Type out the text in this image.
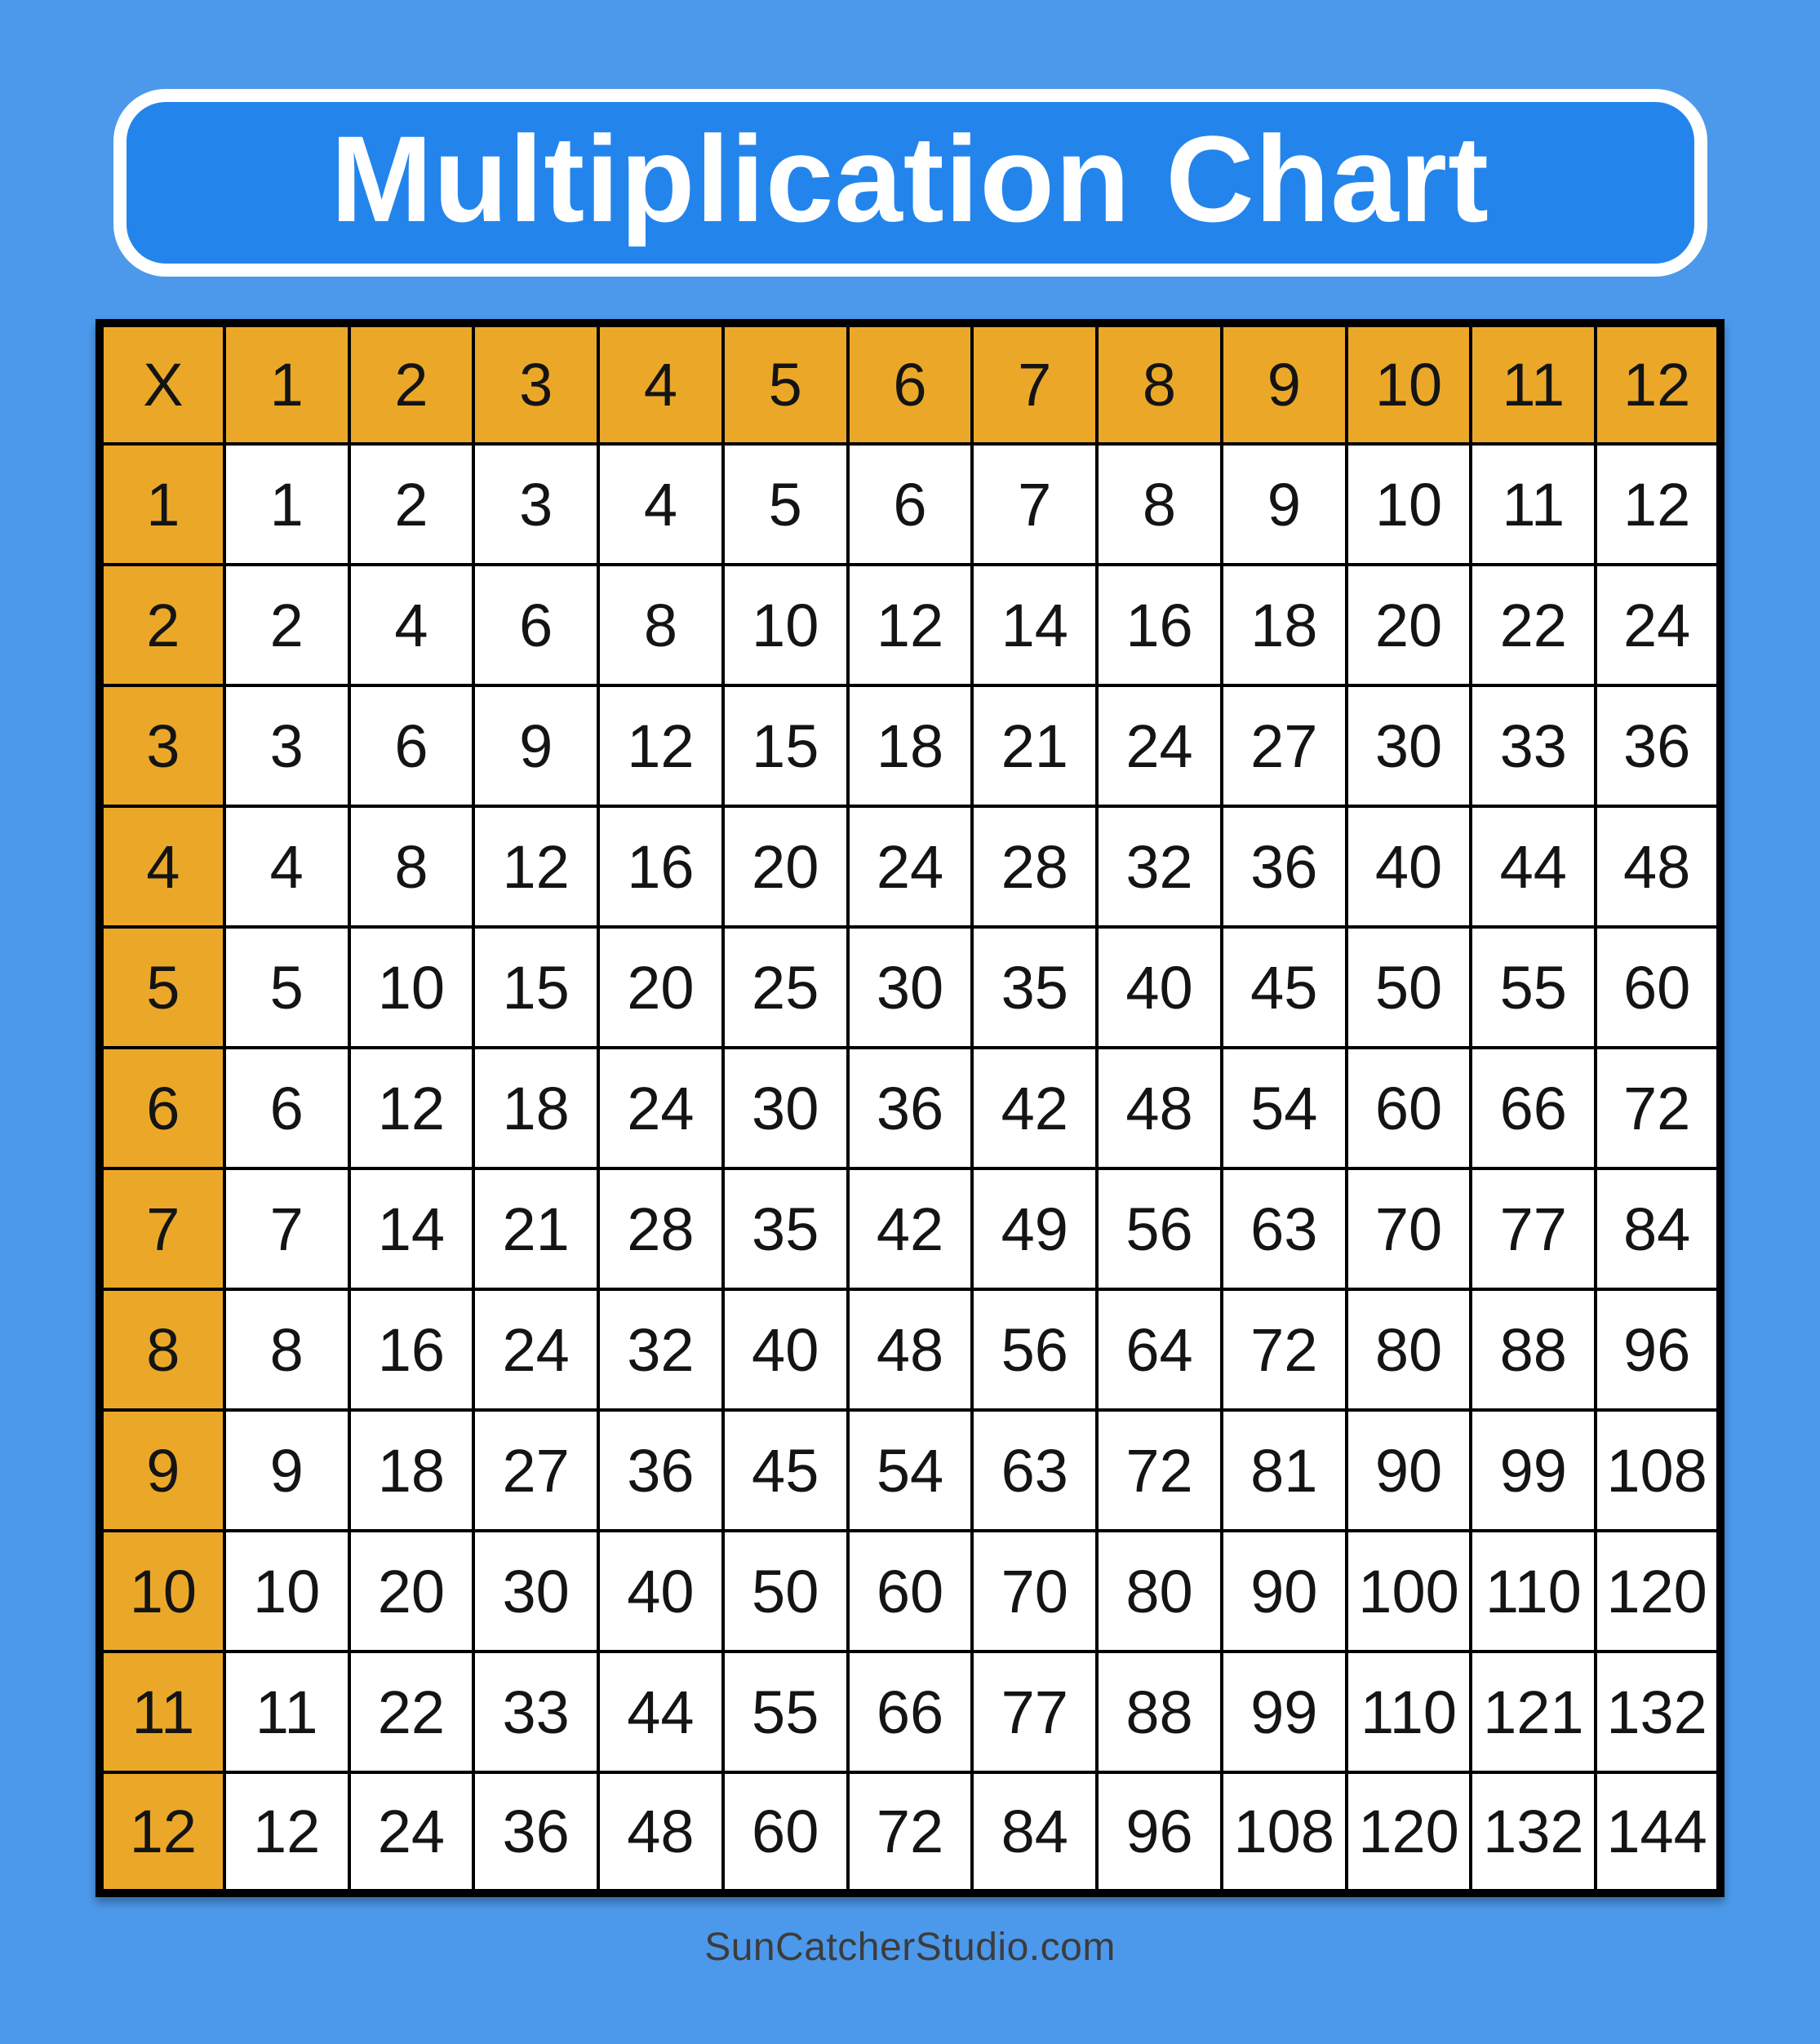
Multiplication Chart
X	1	2	3	4	5	6	7	8	9	10	11	12
1	1	2	3	4	5	6	7	8	9	10	11	12
2	2	4	6	8	10	12	14	16	18	20	22	24
3	3	6	9	12	15	18	21	24	27	30	33	36
4	4	8	12	16	20	24	28	32	36	40	44	48
5	5	10	15	20	25	30	35	40	45	50	55	60
6	6	12	18	24	30	36	42	48	54	60	66	72
7	7	14	21	28	35	42	49	56	63	70	77	84
8	8	16	24	32	40	48	56	64	72	80	88	96
9	9	18	27	36	45	54	63	72	81	90	99	108
10	10	20	30	40	50	60	70	80	90	100	110	120
11	11	22	33	44	55	66	77	88	99	110	121	132
12	12	24	36	48	60	72	84	96	108	120	132	144
SunCatcherStudio.com
